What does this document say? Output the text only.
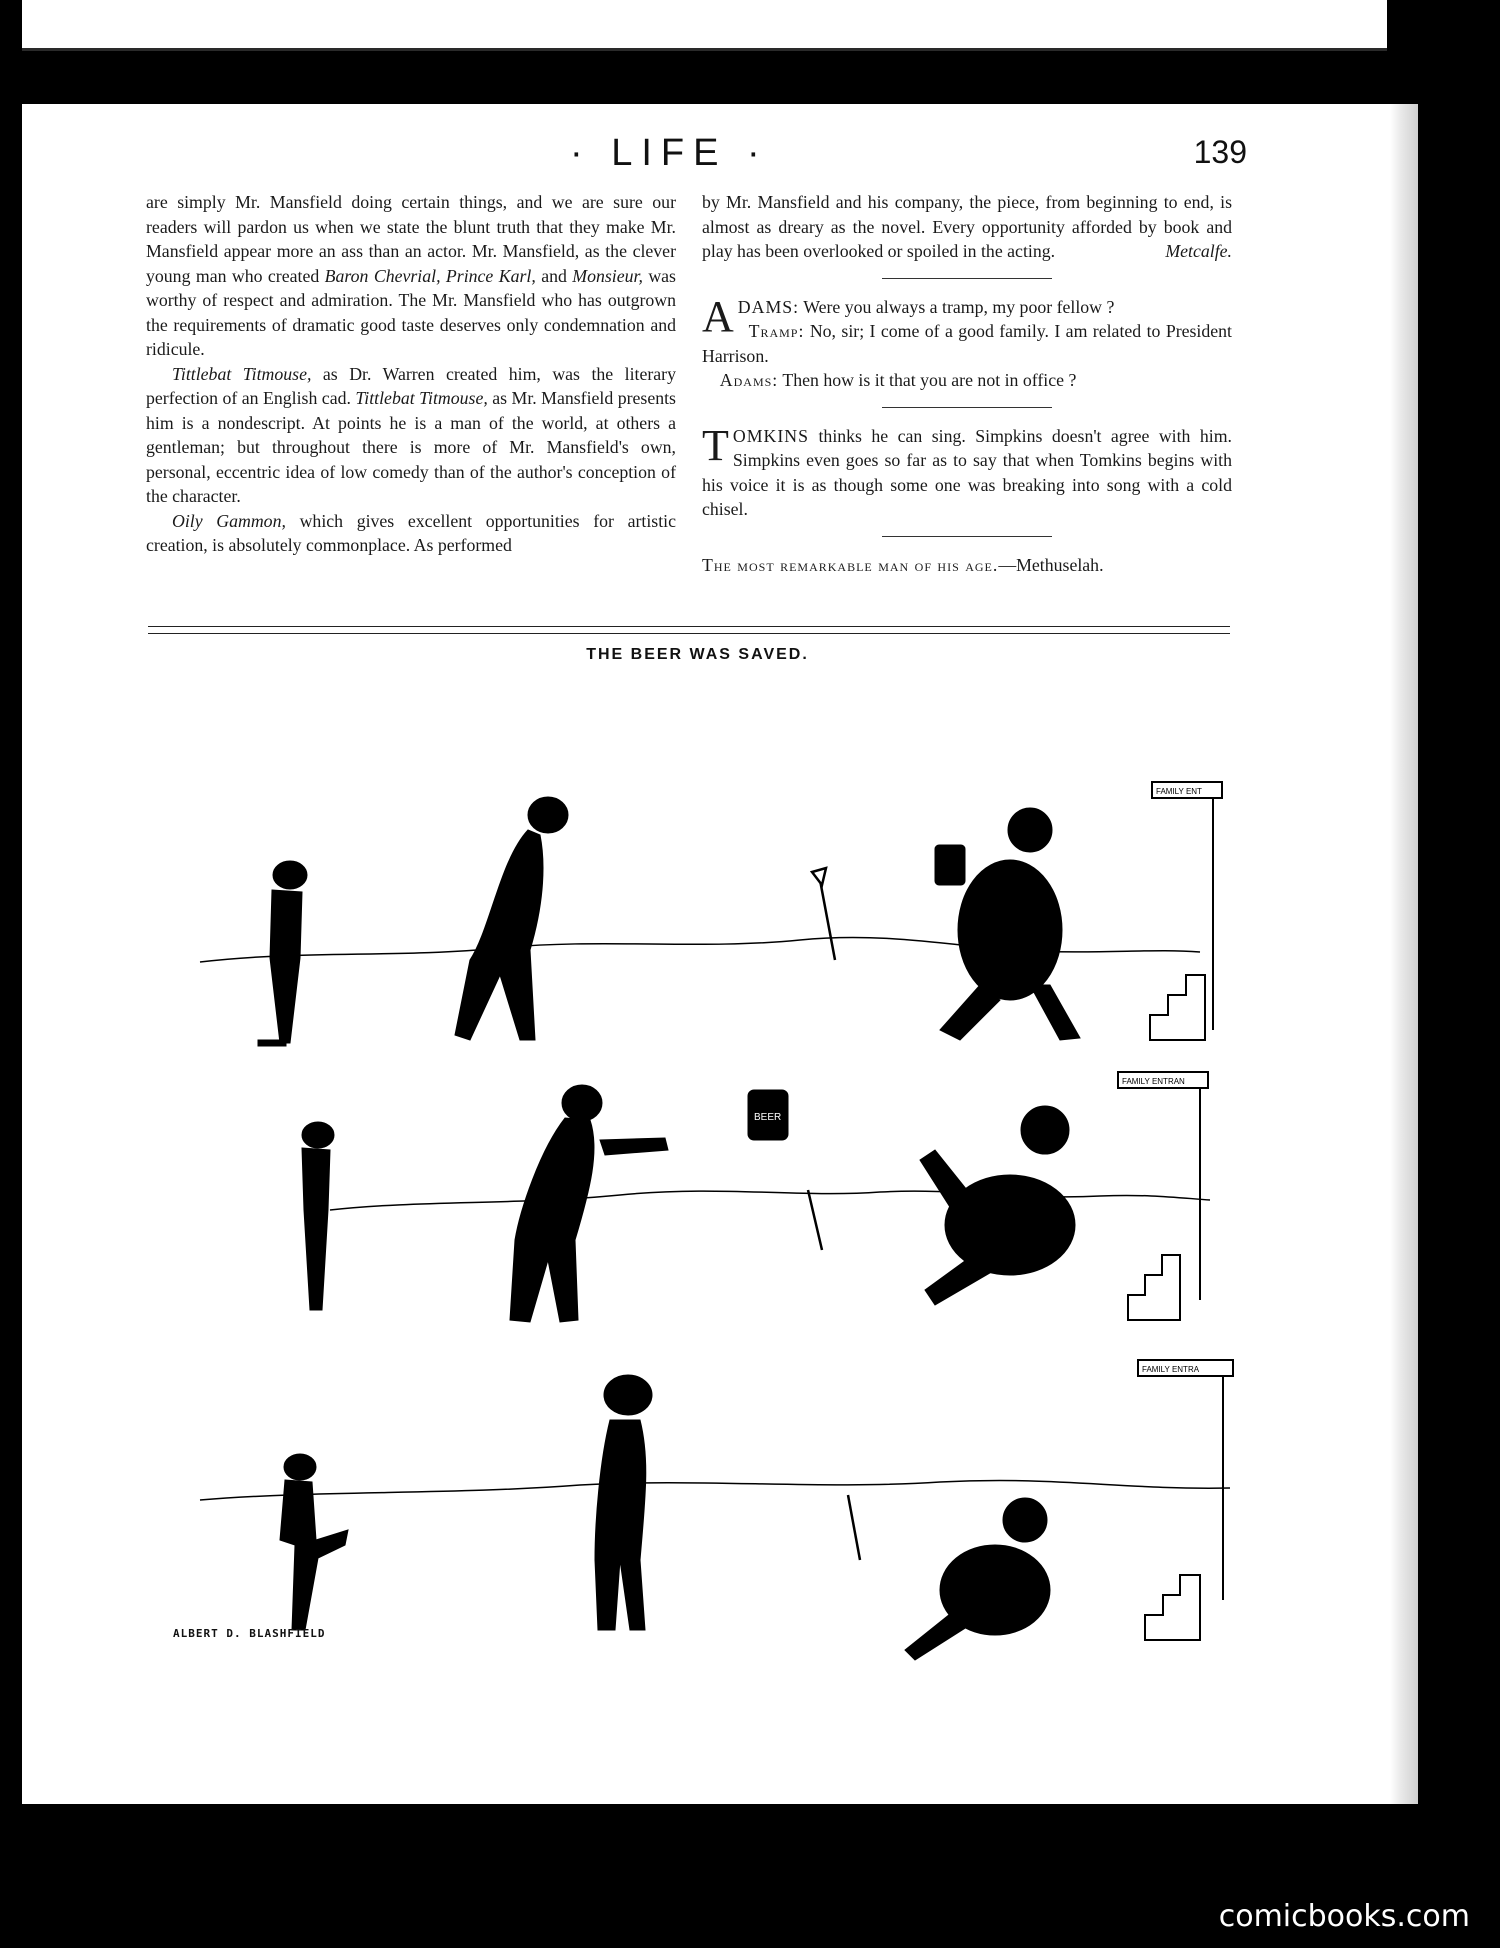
· LIFE ·	139

are simply Mr. Mansfield doing certain things, and we are sure our readers will pardon us when we state the blunt truth that they make Mr. Mansfield appear more an ass than an actor. Mr. Mansfield, as the clever young man who created Baron Chevrial, Prince Karl, and Monsieur, was worthy of respect and admiration. The Mr. Mansfield who has outgrown the requirements of dramatic good taste deserves only condemnation and ridicule.

Tittlebat Titmouse, as Dr. Warren created him, was the literary perfection of an English cad. Tittlebat Titmouse, as Mr. Mansfield presents him is a nondescript. At points he is a man of the world, at others a gentleman; but throughout there is more of Mr. Mansfield's own, personal, eccentric idea of low comedy than of the author's conception of the character.

Oily Gammon, which gives excellent opportunities for artistic creation, is absolutely commonplace. As performed

by Mr. Mansfield and his company, the piece, from beginning to end, is almost as dreary as the novel. Every opportunity afforded by book and play has been overlooked or spoiled in the acting.	Metcalfe.

ADAMS: Were you always a tramp, my poor fellow ?
Tramp: No, sir; I come of a good family. I am related to President Harrison.
Adams: Then how is it that you are not in office ?

TOMKINS thinks he can sing. Simpkins doesn't agree with him. Simpkins even goes so far as to say that when Tomkins begins with his voice it is as though some one was breaking into song with a cold chisel.

The most remarkable man of his age.—Methuselah.

THE BEER WAS SAVED.
FAMILY ENT
FAMILY ENTRAN
FAMILY ENTRA
BEER
ALBERT D. BLASHFIELD
comicbooks.com
